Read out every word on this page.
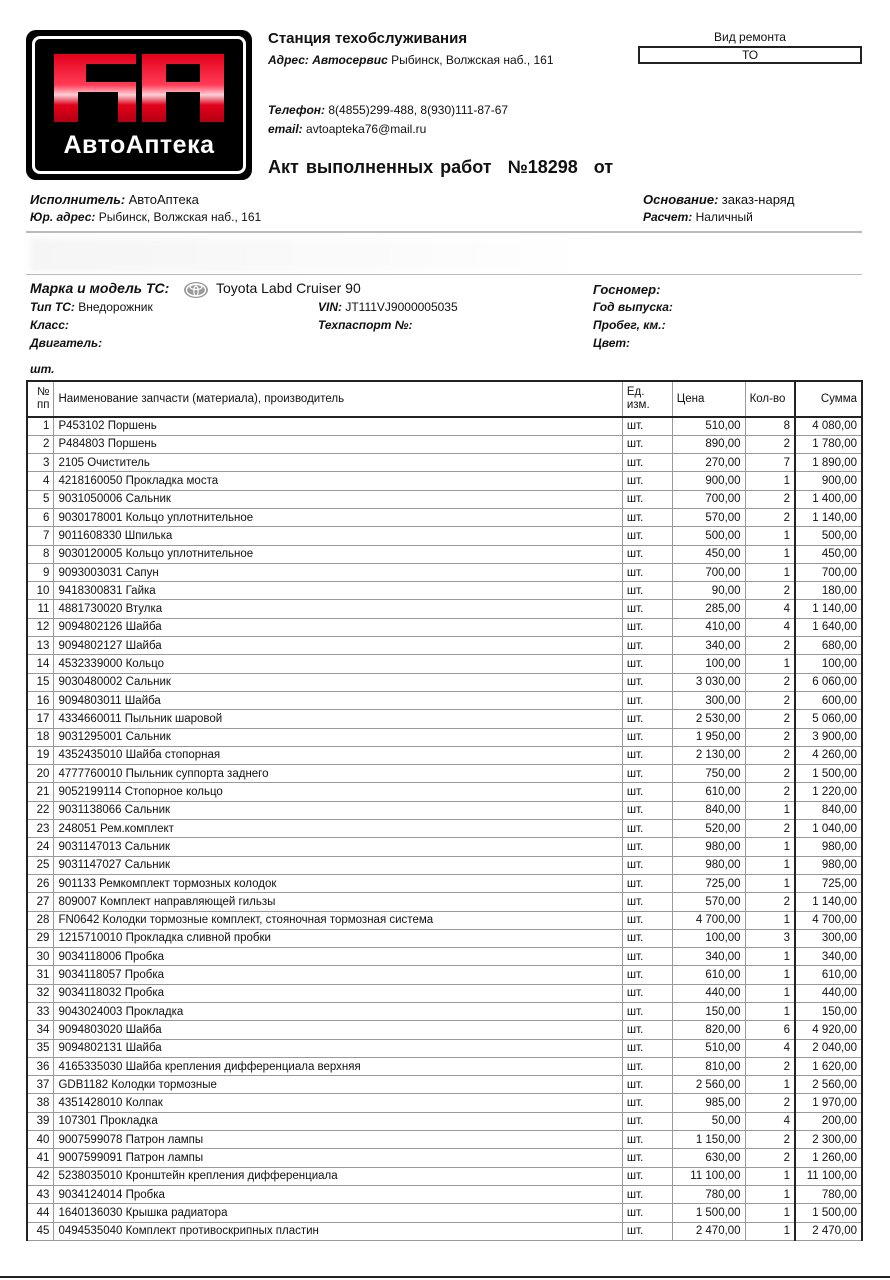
АвтоАптека
Станция техобслуживания
Адрес: Автосервис Рыбинск, Волжская наб., 161
Телефон: 8(4855)299-488, 8(930)111-87-67
email: avtoapteka76@mail.ru
Вид ремонта
ТО
Акт выполненных работ №18298 от
Исполнитель: АвтоАптека
Юр. адрес: Рыбинск, Волжская наб., 161
Основание: заказ-наряд
Расчет: Наличный
Марка и модель ТС:	Toyota Labd Cruiser 90
Тип ТС: Внедорожник
Класс:
Двигатель:
VIN: JT111VJ9000005035
Техпаспорт №:
Госномер:
Год выпуска:
Пробег, км.:
Цвет:
шт.
№ пп	Наименование запчасти (материала), производитель	Ед. изм.	Цена	Кол-во	Сумма
1	P453102 Поршень	шт.	510,00	8	4 080,00
2	P484803 Поршень	шт.	890,00	2	1 780,00
3	2105 Очиститель	шт.	270,00	7	1 890,00
4	4218160050 Прокладка моста	шт.	900,00	1	900,00
5	9031050006 Сальник	шт.	700,00	2	1 400,00
6	9030178001 Кольцо уплотнительное	шт.	570,00	2	1 140,00
7	9011608330 Шпилька	шт.	500,00	1	500,00
8	9030120005 Кольцо уплотнительное	шт.	450,00	1	450,00
9	9093003031 Сапун	шт.	700,00	1	700,00
10	9418300831 Гайка	шт.	90,00	2	180,00
11	4881730020 Втулка	шт.	285,00	4	1 140,00
12	9094802126 Шайба	шт.	410,00	4	1 640,00
13	9094802127 Шайба	шт.	340,00	2	680,00
14	4532339000 Кольцо	шт.	100,00	1	100,00
15	9030480002 Сальник	шт.	3 030,00	2	6 060,00
16	9094803011 Шайба	шт.	300,00	2	600,00
17	4334660011 Пыльник шаровой	шт.	2 530,00	2	5 060,00
18	9031295001 Сальник	шт.	1 950,00	2	3 900,00
19	4352435010 Шайба стопорная	шт.	2 130,00	2	4 260,00
20	4777760010 Пыльник суппорта заднего	шт.	750,00	2	1 500,00
21	9052199114 Стопорное кольцо	шт.	610,00	2	1 220,00
22	9031138066 Сальник	шт.	840,00	1	840,00
23	248051 Рем.комплект	шт.	520,00	2	1 040,00
24	9031147013 Сальник	шт.	980,00	1	980,00
25	9031147027 Сальник	шт.	980,00	1	980,00
26	901133 Ремкомплект тормозных колодок	шт.	725,00	1	725,00
27	809007 Комплект направляющей гильзы	шт.	570,00	2	1 140,00
28	FN0642 Колодки тормозные комплект, стояночная тормозная система	шт.	4 700,00	1	4 700,00
29	1215710010 Прокладка сливной пробки	шт.	100,00	3	300,00
30	9034118006 Пробка	шт.	340,00	1	340,00
31	9034118057 Пробка	шт.	610,00	1	610,00
32	9034118032 Пробка	шт.	440,00	1	440,00
33	9043024003 Прокладка	шт.	150,00	1	150,00
34	9094803020 Шайба	шт.	820,00	6	4 920,00
35	9094802131 Шайба	шт.	510,00	4	2 040,00
36	4165335030 Шайба крепления дифференциала верхняя	шт.	810,00	2	1 620,00
37	GDB1182 Колодки тормозные	шт.	2 560,00	1	2 560,00
38	4351428010 Колпак	шт.	985,00	2	1 970,00
39	107301 Прокладка	шт.	50,00	4	200,00
40	9007599078 Патрон лампы	шт.	1 150,00	2	2 300,00
41	9007599091 Патрон лампы	шт.	630,00	2	1 260,00
42	5238035010 Кронштейн крепления дифференциала	шт.	11 100,00	1	11 100,00
43	9034124014 Пробка	шт.	780,00	1	780,00
44	1640136030 Крышка радиатора	шт.	1 500,00	1	1 500,00
45	0494535040 Комплект противоскрипных пластин	шт.	2 470,00	1	2 470,00
